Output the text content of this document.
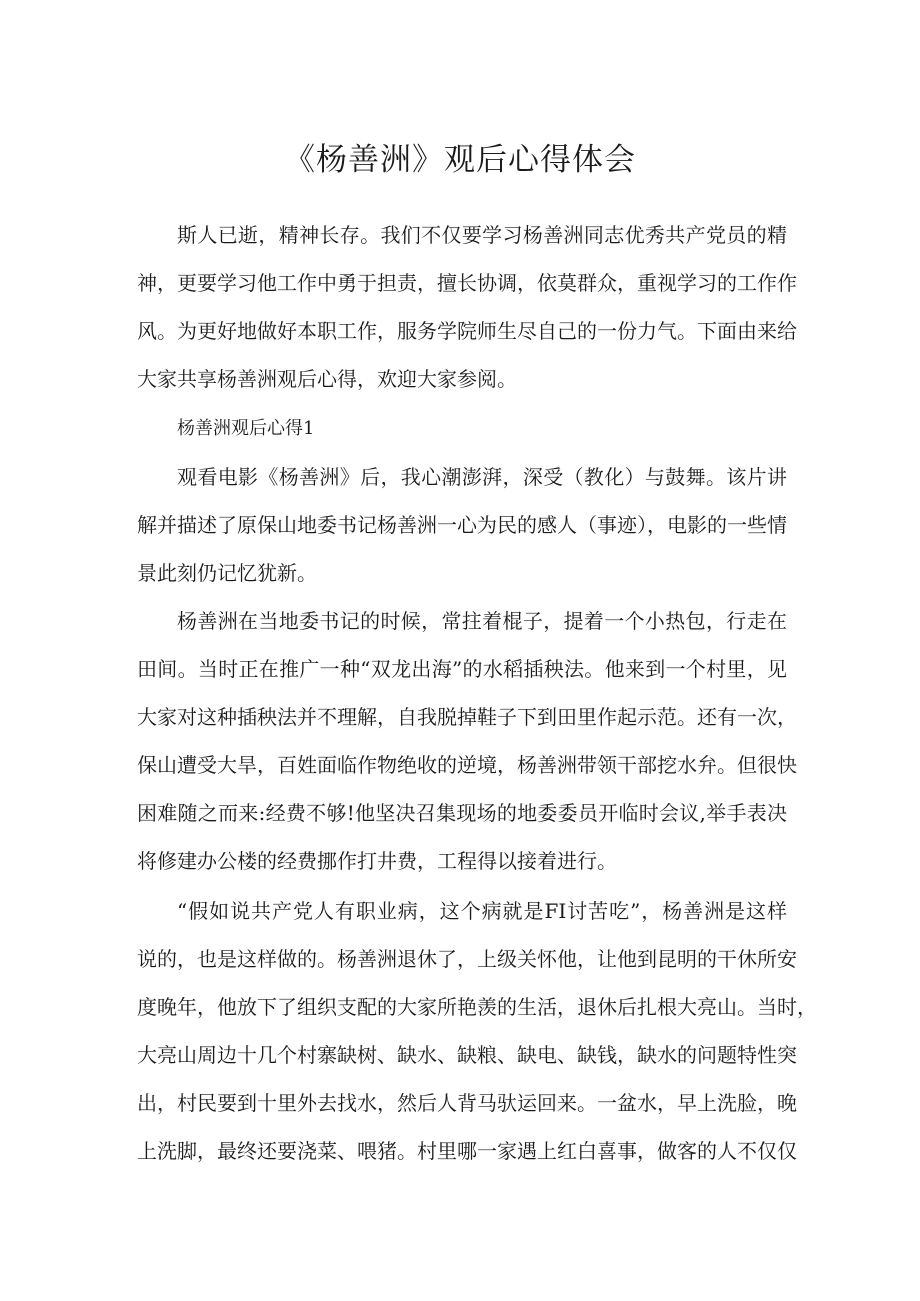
《杨善洲》观后心得体会
斯人已逝，精神长存。我们不仅要学习杨善洲同志优秀共产党员的精
神，更要学习他工作中勇于担责，擅长协调，依莫群众，重视学习的工作作
风。为更好地做好本职工作，服务学院师生尽自己的一份力气。下面由来给
大家共享杨善洲观后心得，欢迎大家参阅。
杨善洲观后心得1
观看电影《杨善洲》后，我心潮澎湃，深受（教化）与鼓舞。该片讲
解并描述了原保山地委书记杨善洲一心为民的感人（事迹），电影的一些情
景此刻仍记忆犹新。
杨善洲在当地委书记的时候，常拄着棍子，提着一个小热包，行走在
田间。当时正在推广一种“双龙出海”的水稻插秧法。他来到一个村里，见
大家对这种插秧法并不理解，自我脱掉鞋子下到田里作起示范。还有一次，
保山遭受大旱，百姓面临作物绝收的逆境，杨善洲带领干部挖水弁。但很快
困难随之而来:经费不够!他坚决召集现场的地委委员开临时会议,举手表决
将修建办公楼的经费挪作打井费，工程得以接着进行。
“假如说共产党人有职业病，这个病就是FI讨苦吃”，杨善洲是这样
说的，也是这样做的。杨善洲退休了，上级关怀他，让他到昆明的干休所安
度晚年，他放下了组织支配的大家所艳羡的生活，退休后扎根大亮山。当时，
大亮山周边十几个村寨缺树、缺水、缺粮、缺电、缺钱，缺水的问题特性突
出，村民要到十里外去找水，然后人背马驮运回来。一盆水，早上洗脸，晚
上洗脚，最终还要浇菜、喂猪。村里哪一家遇上红白喜事，做客的人不仅仅
